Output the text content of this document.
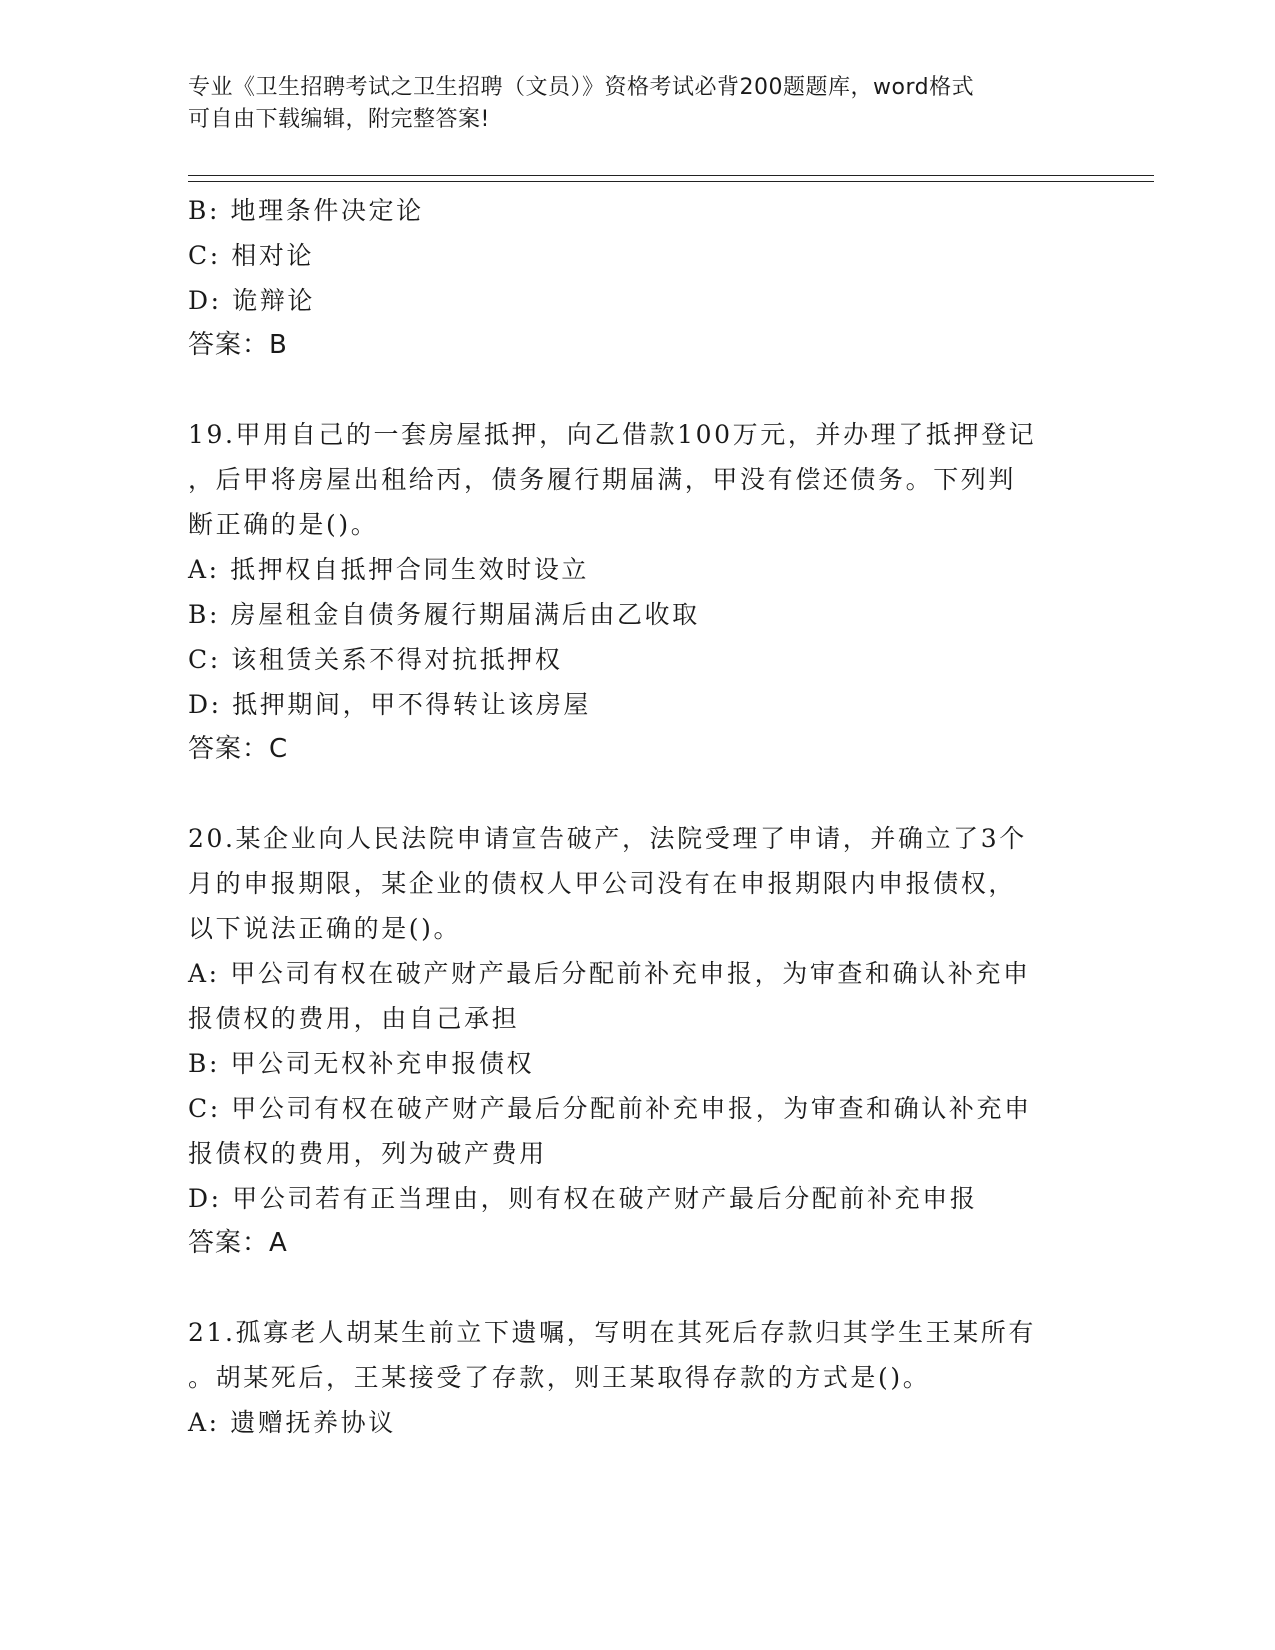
专业《卫生招聘考试之卫生招聘（文员）》资格考试必背200题题库，word格式
可自由下载编辑，附完整答案!
B: 地理条件决定论
C: 相对论
D: 诡辩论
答案：B
19.甲用自己的一套房屋抵押，向乙借款100万元，并办理了抵押登记
，后甲将房屋出租给丙，债务履行期届满，甲没有偿还债务。下列判
断正确的是()。
A: 抵押权自抵押合同生效时设立
B: 房屋租金自债务履行期届满后由乙收取
C: 该租赁关系不得对抗抵押权
D: 抵押期间，甲不得转让该房屋
答案：C
20.某企业向人民法院申请宣告破产，法院受理了申请，并确立了3个
月的申报期限，某企业的债权人甲公司没有在申报期限内申报债权，
以下说法正确的是()。
A: 甲公司有权在破产财产最后分配前补充申报，为审查和确认补充申
报债权的费用，由自己承担
B: 甲公司无权补充申报债权
C: 甲公司有权在破产财产最后分配前补充申报，为审查和确认补充申
报债权的费用，列为破产费用
D: 甲公司若有正当理由，则有权在破产财产最后分配前补充申报
答案：A
21.孤寡老人胡某生前立下遗嘱，写明在其死后存款归其学生王某所有
。胡某死后，王某接受了存款，则王某取得存款的方式是()。
A: 遗赠抚养协议
